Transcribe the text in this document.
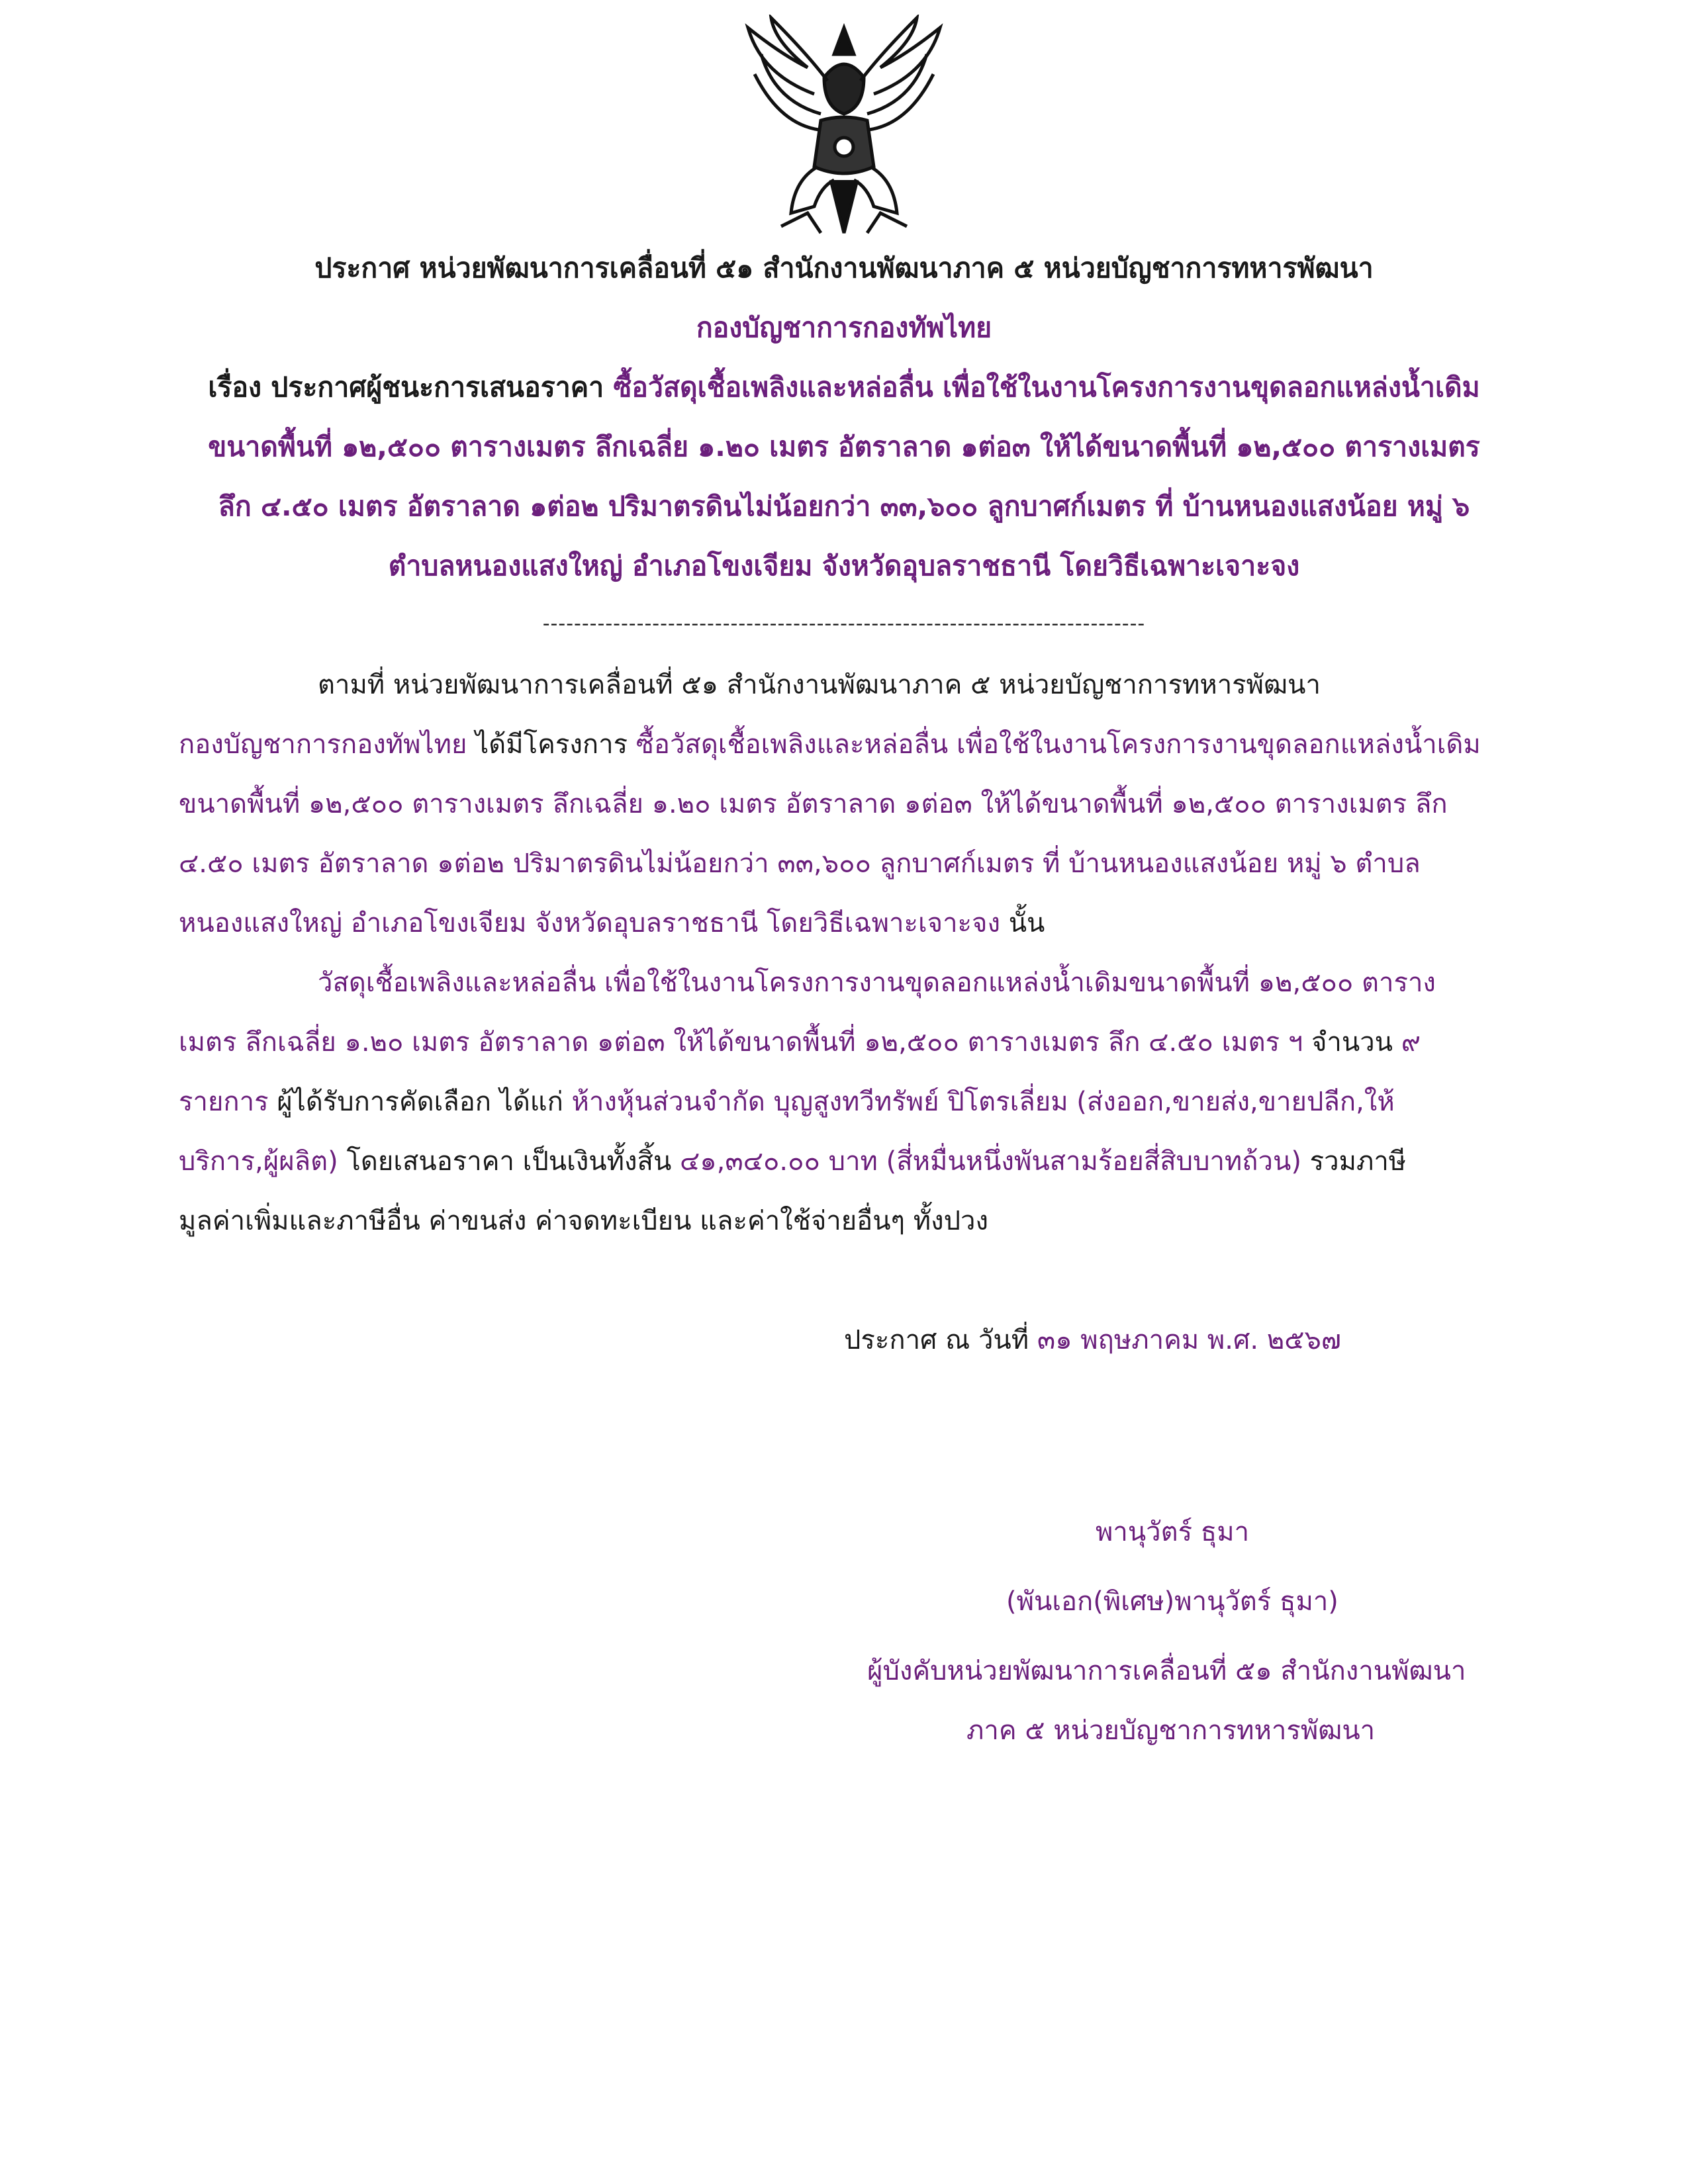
ประกาศ หน่วยพัฒนาการเคลื่อนที่ ๕๑ สำนักงานพัฒนาภาค ๕ หน่วยบัญชาการทหารพัฒนา
กองบัญชาการกองทัพไทย
เรื่อง ประกาศผู้ชนะการเสนอราคา ซื้อวัสดุเชื้อเพลิงและหล่อลื่น เพื่อใช้ในงานโครงการงานขุดลอกแหล่งน้ำเดิม
ขนาดพื้นที่ ๑๒,๕๐๐ ตารางเมตร ลึกเฉลี่ย ๑.๒๐ เมตร อัตราลาด ๑ต่อ๓ ให้ได้ขนาดพื้นที่ ๑๒,๕๐๐ ตารางเมตร
ลึก ๔.๕๐ เมตร อัตราลาด ๑ต่อ๒ ปริมาตรดินไม่น้อยกว่า ๓๓,๖๐๐ ลูกบาศก์เมตร ที่ บ้านหนองแสงน้อย หมู่ ๖
ตำบลหนองแสงใหญ่ อำเภอโขงเจียม จังหวัดอุบลราชธานี โดยวิธีเฉพาะเจาะจง
-----------------------------------------------------------------------------
ตามที่ หน่วยพัฒนาการเคลื่อนที่ ๕๑ สำนักงานพัฒนาภาค ๕ หน่วยบัญชาการทหารพัฒนา
กองบัญชาการกองทัพไทย ได้มีโครงการ ซื้อวัสดุเชื้อเพลิงและหล่อลื่น เพื่อใช้ในงานโครงการงานขุดลอกแหล่งน้ำเดิม
ขนาดพื้นที่ ๑๒,๕๐๐ ตารางเมตร ลึกเฉลี่ย ๑.๒๐ เมตร อัตราลาด ๑ต่อ๓ ให้ได้ขนาดพื้นที่ ๑๒,๕๐๐ ตารางเมตร ลึก
๔.๕๐ เมตร อัตราลาด ๑ต่อ๒ ปริมาตรดินไม่น้อยกว่า ๓๓,๖๐๐ ลูกบาศก์เมตร ที่ บ้านหนองแสงน้อย หมู่ ๖ ตำบล
หนองแสงใหญ่ อำเภอโขงเจียม จังหวัดอุบลราชธานี โดยวิธีเฉพาะเจาะจง นั้น
วัสดุเชื้อเพลิงและหล่อลื่น เพื่อใช้ในงานโครงการงานขุดลอกแหล่งน้ำเดิมขนาดพื้นที่ ๑๒,๕๐๐ ตาราง
เมตร ลึกเฉลี่ย ๑.๒๐ เมตร อัตราลาด ๑ต่อ๓ ให้ได้ขนาดพื้นที่ ๑๒,๕๐๐ ตารางเมตร ลึก ๔.๕๐ เมตร ฯ จำนวน ๙
รายการ ผู้ได้รับการคัดเลือก ได้แก่ ห้างหุ้นส่วนจำกัด บุญสูงทวีทรัพย์ ปิโตรเลี่ยม (ส่งออก,ขายส่ง,ขายปลีก,ให้
บริการ,ผู้ผลิต) โดยเสนอราคา เป็นเงินทั้งสิ้น ๔๑,๓๔๐.๐๐ บาท (สี่หมื่นหนึ่งพันสามร้อยสี่สิบบาทถ้วน) รวมภาษี
มูลค่าเพิ่มและภาษีอื่น ค่าขนส่ง ค่าจดทะเบียน และค่าใช้จ่ายอื่นๆ ทั้งปวง
ประกาศ ณ วันที่ ๓๑ พฤษภาคม พ.ศ. ๒๕๖๗
พานุวัตร์ ธุมา
(พันเอก(พิเศษ)พานุวัตร์ ธุมา)
ผู้บังคับหน่วยพัฒนาการเคลื่อนที่ ๕๑ สำนักงานพัฒนา
ภาค ๕ หน่วยบัญชาการทหารพัฒนา
